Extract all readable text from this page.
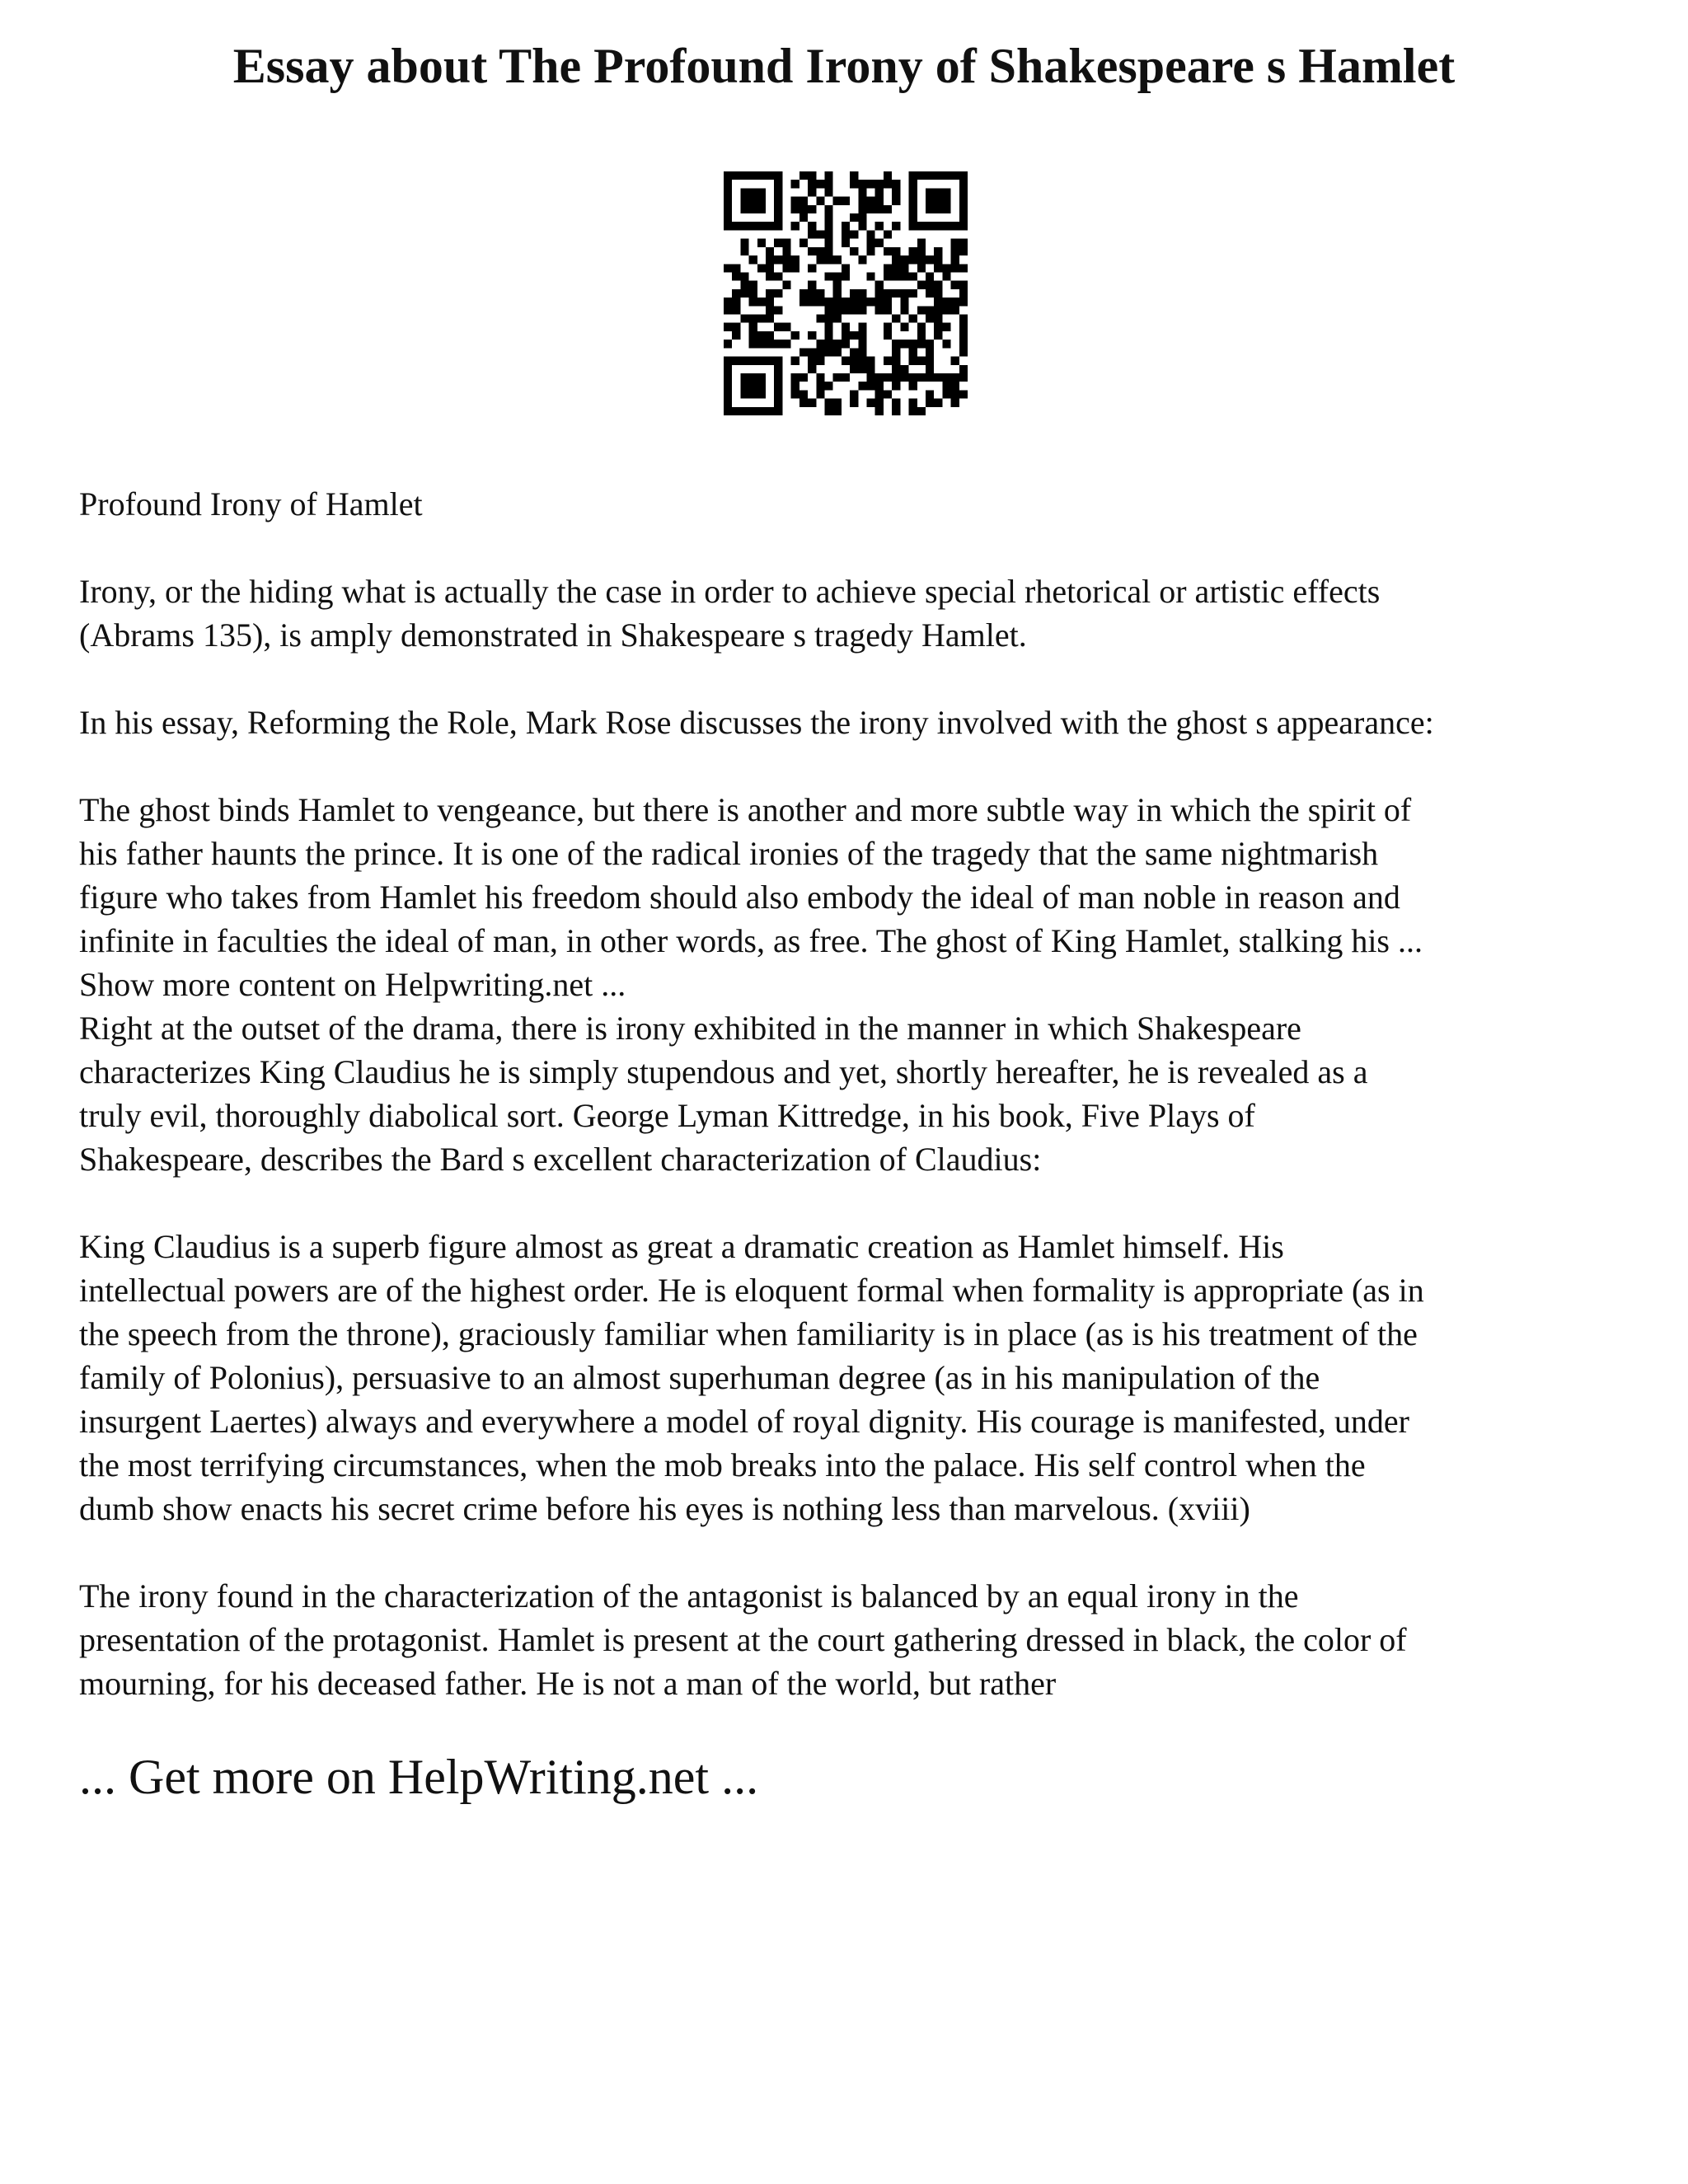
Essay about The Profound Irony of Shakespeare s Hamlet

Profound Irony of Hamlet

Irony, or the hiding what is actually the case in order to achieve special rhetorical or artistic effects

(Abrams 135), is amply demonstrated in Shakespeare s tragedy Hamlet.

In his essay, Reforming the Role, Mark Rose discusses the irony involved with the ghost s appearance:

The ghost binds Hamlet to vengeance, but there is another and more subtle way in which the spirit of

his father haunts the prince. It is one of the radical ironies of the tragedy that the same nightmarish

figure who takes from Hamlet his freedom should also embody the ideal of man noble in reason and

infinite in faculties the ideal of man, in other words, as free. The ghost of King Hamlet, stalking his ...

Show more content on Helpwriting.net ...

Right at the outset of the drama, there is irony exhibited in the manner in which Shakespeare

characterizes King Claudius he is simply stupendous and yet, shortly hereafter, he is revealed as a

truly evil, thoroughly diabolical sort. George Lyman Kittredge, in his book, Five Plays of

Shakespeare, describes the Bard s excellent characterization of Claudius:

King Claudius is a superb figure almost as great a dramatic creation as Hamlet himself. His

intellectual powers are of the highest order. He is eloquent formal when formality is appropriate (as in

the speech from the throne), graciously familiar when familiarity is in place (as is his treatment of the

family of Polonius), persuasive to an almost superhuman degree (as in his manipulation of the

insurgent Laertes) always and everywhere a model of royal dignity. His courage is manifested, under

the most terrifying circumstances, when the mob breaks into the palace. His self control when the

dumb show enacts his secret crime before his eyes is nothing less than marvelous. (xviii)

The irony found in the characterization of the antagonist is balanced by an equal irony in the

presentation of the protagonist. Hamlet is present at the court gathering dressed in black, the color of

mourning, for his deceased father. He is not a man of the world, but rather

... Get more on HelpWriting.net ...
